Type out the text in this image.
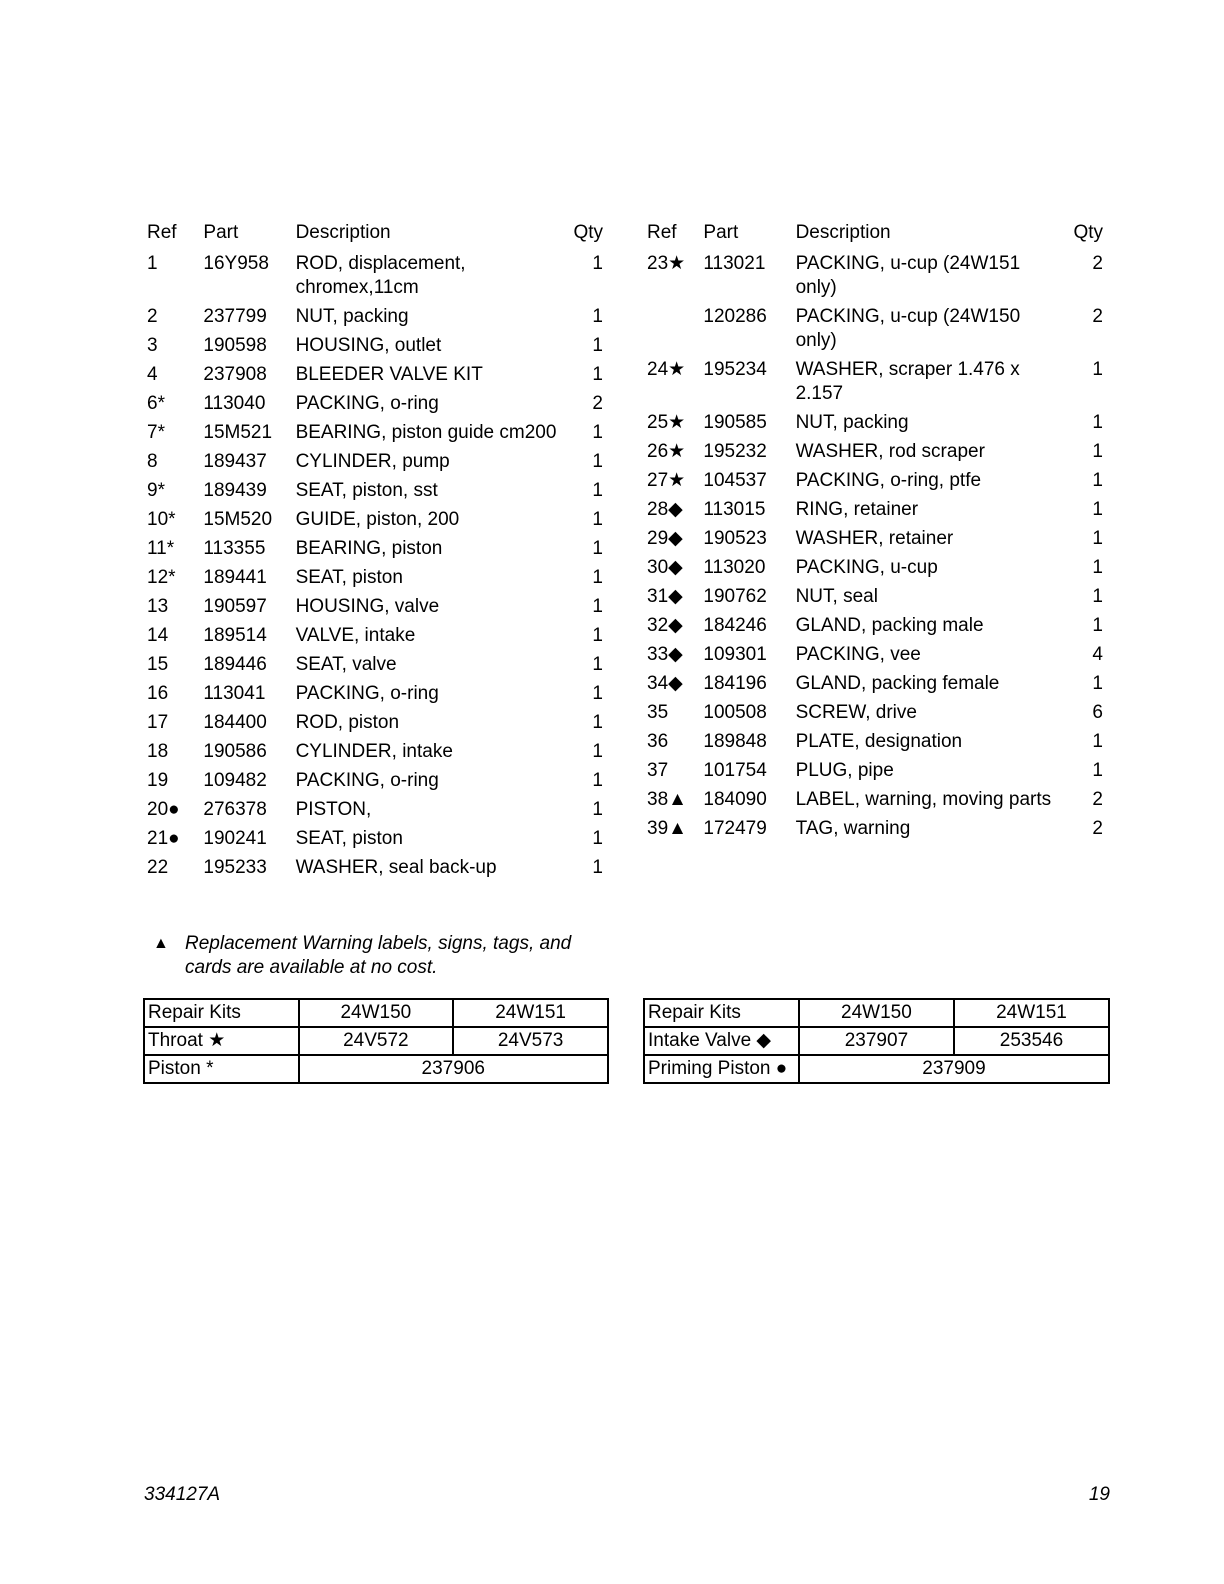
Ref	Part	Description	Qty
1	16Y958	ROD, displacement, chromex,11cm	1
2	237799	NUT, packing	1
3	190598	HOUSING, outlet	1
4	237908	BLEEDER VALVE KIT	1
6*	113040	PACKING, o-ring	2
7*	15M521	BEARING, piston guide cm200	1
8	189437	CYLINDER, pump	1
9*	189439	SEAT, piston, sst	1
10*	15M520	GUIDE, piston, 200	1
11*	113355	BEARING, piston	1
12*	189441	SEAT, piston	1
13	190597	HOUSING, valve	1
14	189514	VALVE, intake	1
15	189446	SEAT, valve	1
16	113041	PACKING, o-ring	1
17	184400	ROD, piston	1
18	190586	CYLINDER, intake	1
19	109482	PACKING, o-ring	1
20●	276378	PISTON,	1
21●	190241	SEAT, piston	1
22	195233	WASHER, seal back-up	1
Ref	Part	Description	Qty
23★	113021	PACKING, u-cup (24W151 only)	2
	120286	PACKING, u-cup (24W150 only)	2
24★	195234	WASHER, scraper 1.476 x 2.157	1
25★	190585	NUT, packing	1
26★	195232	WASHER, rod scraper	1
27★	104537	PACKING, o-ring, ptfe	1
28◆	113015	RING, retainer	1
29◆	190523	WASHER, retainer	1
30◆	113020	PACKING, u-cup	1
31◆	190762	NUT, seal	1
32◆	184246	GLAND, packing male	1
33◆	109301	PACKING, vee	4
34◆	184196	GLAND, packing female	1
35	100508	SCREW, drive	6
36	189848	PLATE, designation	1
37	101754	PLUG, pipe	1
38▲	184090	LABEL, warning, moving parts	2
39▲	172479	TAG, warning	2
▲ Replacement Warning labels, signs, tags, and cards are available at no cost.
Repair Kits	24W150	24W151
Throat ★	24V572	24V573
Piston *	237906	
Repair Kits	24W150	24W151
Intake Valve ◆	237907	253546
Priming Piston ●	237909	
334127A	19
